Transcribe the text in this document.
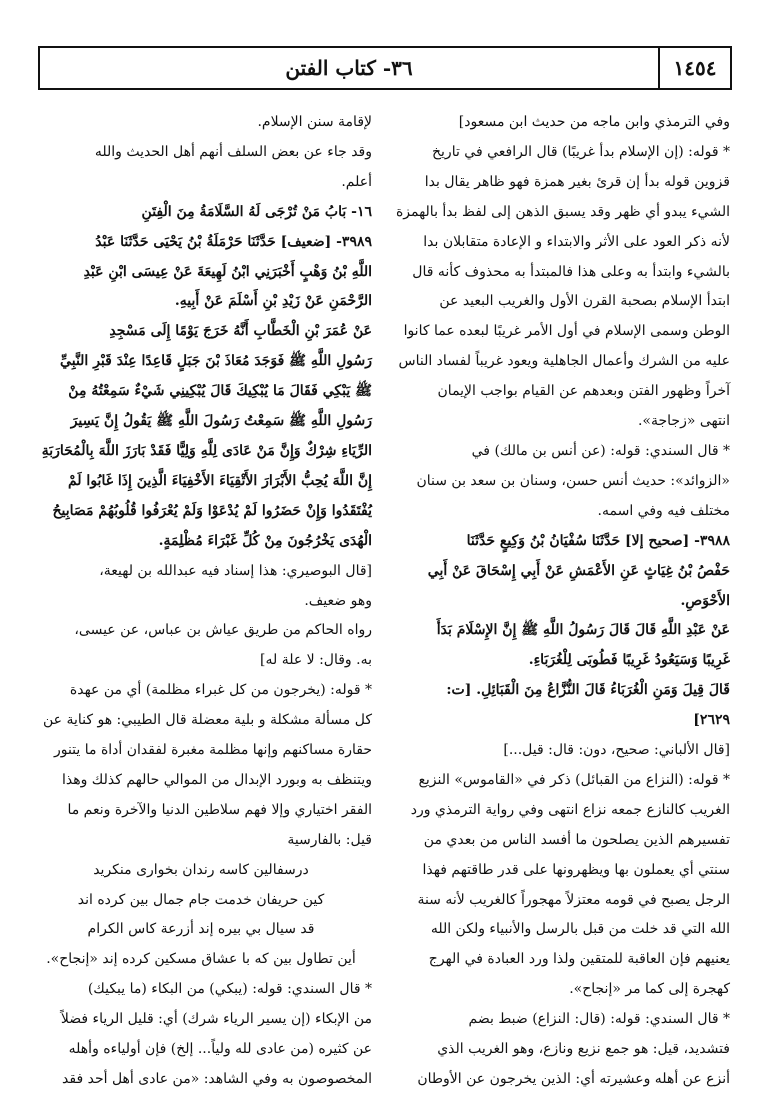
١٤٥٤
٣٦- كتاب الفتن

وفي الترمذي وابن ماجه من حديث ابن مسعود]

* قوله: (إن الإسلام بدأ غريبًا) قال الرافعي في تاريخ

قزوين قوله بدأ إن قرئ بغير همزة فهو ظاهر يقال بدا

الشيء يبدو أي ظهر وقد يسبق الذهن إلى لفظ بدأ بالهمزة

لأنه ذكر العود على الأثر والابتداء و الإعادة متقابلان بدا

بالشيء وابتدأ به وعلى هذا فالمبتدأ به محذوف كأنه قال

ابتدأ الإسلام بصحبة القرن الأول والغريب البعيد عن

الوطن وسمى الإسلام في أول الأمر غريبًا لبعده عما كانوا

عليه من الشرك وأعمال الجاهلية ويعود غريباً لفساد الناس

آخراً وظهور الفتن وبعدهم عن القيام بواجب الإيمان

انتهى «زجاجة».

* قال السندي: قوله: (عن أنس بن مالك) في

«الزوائد»: حديث أنس حسن، وسنان بن سعد بن سنان

مختلف فيه وفي اسمه.

٣٩٨٨- [صحيح إلا] حَدَّثَنَا سُفْيَانُ بْنُ وَكِيعٍ حَدَّثَنَا

حَفْصُ بْنُ غِيَاثٍ عَنِ الأَعْمَشِ عَنْ أَبِي إِسْحَاقَ عَنْ أَبِي

الأَحْوَصِ.

عَنْ عَبْدِ اللَّهِ قَالَ قَالَ رَسُولُ اللَّهِ ﷺ إِنَّ الإِسْلَامَ بَدَأَ

غَرِيبًا وَسَيَعُودُ غَرِيبًا فَطُوبَى لِلْغُرَبَاءِ.

قَالَ قِيلَ وَمَنِ الْغُرَبَاءُ قَالَ النُّزَّاعُ مِنَ الْقَبَائِلِ. [ت:

٢٦٢٩]

[قال الألباني: صحيح، دون: قال: قيل...]

* قوله: (النزاع من القبائل) ذكر في «القاموس» النزيع

الغريب كالنازع جمعه نزاع انتهى وفي رواية الترمذي ورد

تفسيرهم الذين يصلحون ما أفسد الناس من بعدي من

سنتي أي يعملون بها ويظهرونها على قدر طاقتهم فهذا

الرجل يصبح في قومه معتزلاً مهجوراً كالغريب لأنه سنة

الله التي قد خلت من قبل بالرسل والأنبياء ولكن الله

يعنيهم فإن العاقبة للمتقين ولذا ورد العبادة في الهرج

كهجرة إلى كما مر «إنجاح».

* قال السندي: قوله: (قال: النزاع) ضبط بضم

فتشديد، قيل: هو جمع نزيع ونازع، وهو الغريب الذي

أنزع عن أهله وعشيرته أي: الذين يخرجون عن الأوطان

لإقامة سنن الإسلام.

وقد جاء عن بعض السلف أنهم أهل الحديث والله

أعلم.

١٦- بَابُ مَنْ تُرْجَى لَهُ السَّلَامَةُ مِنَ الْفِتَنِ

٣٩٨٩- [ضعيف] حَدَّثَنَا حَرْمَلَةُ بْنُ يَحْيَى حَدَّثَنَا عَبْدُ

اللَّهِ بْنُ وَهْبٍ أَخْبَرَنِي ابْنُ لَهِيعَةَ عَنْ عِيسَى ابْنِ عَبْدِ

الرَّحْمَنِ عَنْ زَيْدِ بْنِ أَسْلَمَ عَنْ أَبِيهِ.

عَنْ عُمَرَ بْنِ الْخَطَّابِ أَنَّهُ خَرَجَ يَوْمًا إِلَى مَسْجِدِ

رَسُولِ اللَّهِ ﷺ فَوَجَدَ مُعَاذَ بْنَ جَبَلٍ قَاعِدًا عِنْدَ قَبْرِ النَّبِيِّ

ﷺ يَبْكِي فَقَالَ مَا يُبْكِيكَ قَالَ يُبْكِينِي شَيْءٌ سَمِعْتُهُ مِنْ

رَسُولِ اللَّهِ ﷺ سَمِعْتُ رَسُولَ اللَّهِ ﷺ يَقُولُ إِنَّ يَسِيرَ

الرِّيَاءِ شِرْكٌ وَإِنَّ مَنْ عَادَى لِلَّهِ وَلِيًّا فَقَدْ بَارَزَ اللَّهَ بِالْمُحَارَبَةِ

إِنَّ اللَّهَ يُحِبُّ الأَبْرَارَ الأَتْقِيَاءَ الأَخْفِيَاءَ الَّذِينَ إِذَا غَابُوا لَمْ

يُفْتَقَدُوا وَإِنْ حَضَرُوا لَمْ يُدْعَوْا وَلَمْ يُعْرَفُوا قُلُوبُهُمْ مَصَابِيحُ

الْهُدَى يَخْرُجُونَ مِنْ كُلِّ غَبْرَاءَ مُظْلِمَةٍ.

[قال البوصيري: هذا إسناد فيه عبدالله بن لهيعة،

وهو ضعيف.

رواه الحاكم من طريق عياش بن عباس، عن عيسى،

به. وقال: لا علة له]

* قوله: (يخرجون من كل غبراء مظلمة) أي من عهدة

كل مسألة مشكلة و بلية معضلة قال الطيبي: هو كناية عن

حقارة مساكنهم وإنها مظلمة مغبرة لفقدان أداة ما يتنور

ويتنظف به وبورد الإبدال من الموالي حالهم كذلك وهذا

الفقر اختياري وإلا فهم سلاطين الدنيا والآخرة ونعم ما

قيل: بالفارسية

درسفالين كاسه رندان بخواری منكريد

كين حريفان خدمت جام جمال بين كرده اند

قد سيال بي بيره إند أزرعة كاس الكرام

أين تطاول بين كه با عشاق مسكين كرده إند «إنجاح».

* قال السندي: قوله: (يبكي) من البكاء (ما يبكيك)

من الإبكاء (إن يسير الرياء شرك) أي: قليل الرياء فضلاً

عن كثيره (من عادى لله ولياً... إلخ) فإن أولياءه وأهله

المخصوصون به وفي الشاهد: «من عادى أهل أحد فقد
